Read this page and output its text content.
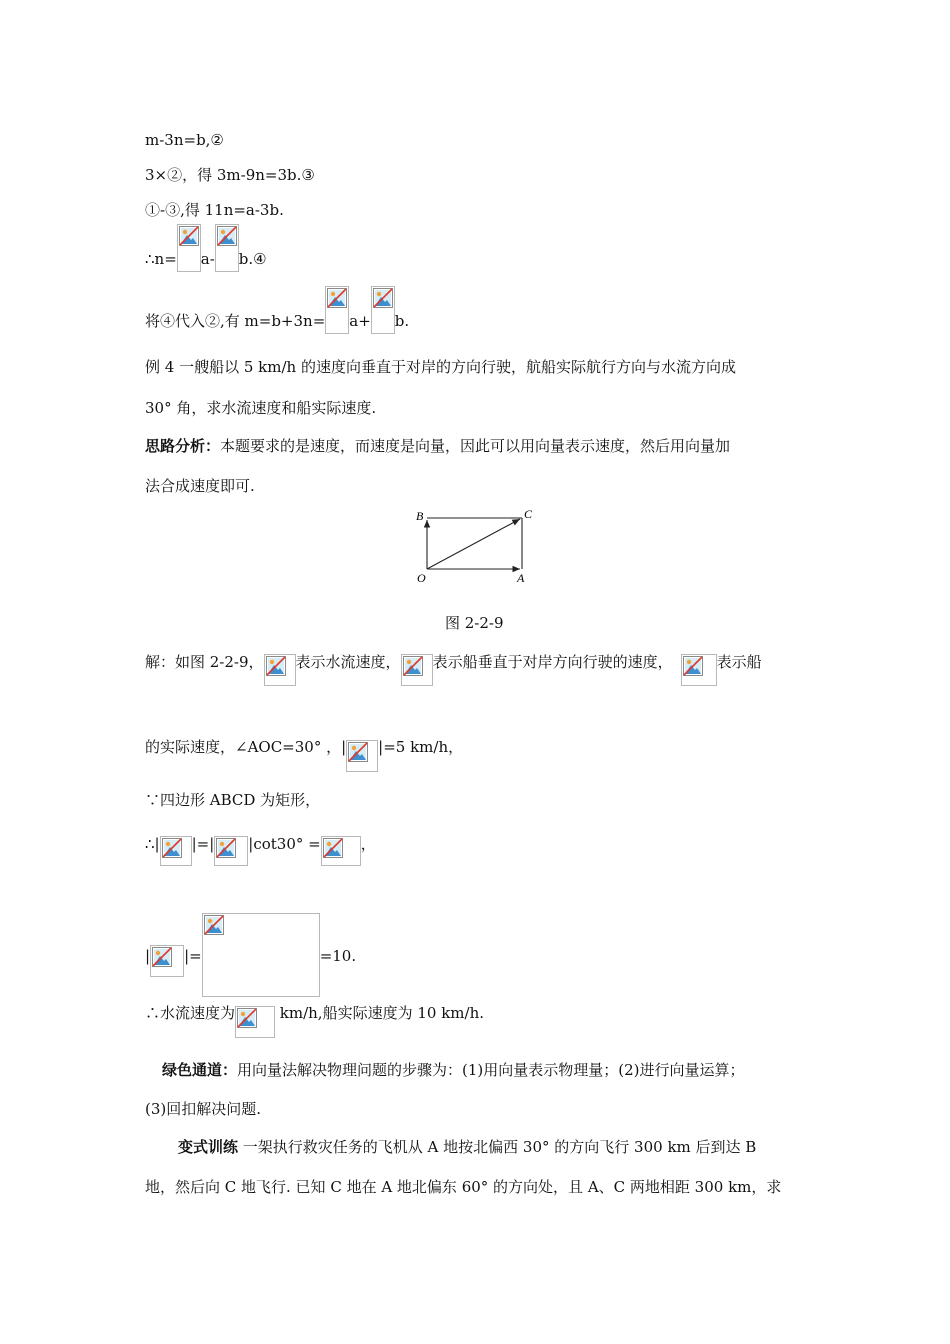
m-3n=b,②
3×②，得 3m-9n=3b.③
①-③,得 11n=a-3b.
∴n= a- b.④
将④代入②,有 m=b+3n= a+ b.
例 4 一艘船以 5 km/h 的速度向垂直于对岸的方向行驶，航船实际航行方向与水流方向成
30° 角，求水流速度和船实际速度.
思路分析：本题要求的是速度，而速度是向量，因此可以用向量表示速度，然后用向量加
法合成速度即可.
B	C
O	A
图 2-2-9
解：如图 2-2-9， 表示水流速度， 表示船垂直于对岸方向行驶的速度，	表示船
的实际速度，∠AOC=30° ，| |=5 km/h，
∵四边形 ABCD 为矩形，
∴| |=| |cot30° =	，
| |=	=10.
∴水流速度为	km/h,船实际速度为 10 km/h.
绿色通道：用向量法解决物理问题的步骤为：(1)用向量表示物理量；(2)进行向量运算；
(3)回扣解决问题.
变式训练 一架执行救灾任务的飞机从 A 地按北偏西 30° 的方向飞行 300 km 后到达 B
地，然后向 C 地飞行. 已知 C 地在 A 地北偏东 60° 的方向处，且 A、C 两地相距 300 km，求
